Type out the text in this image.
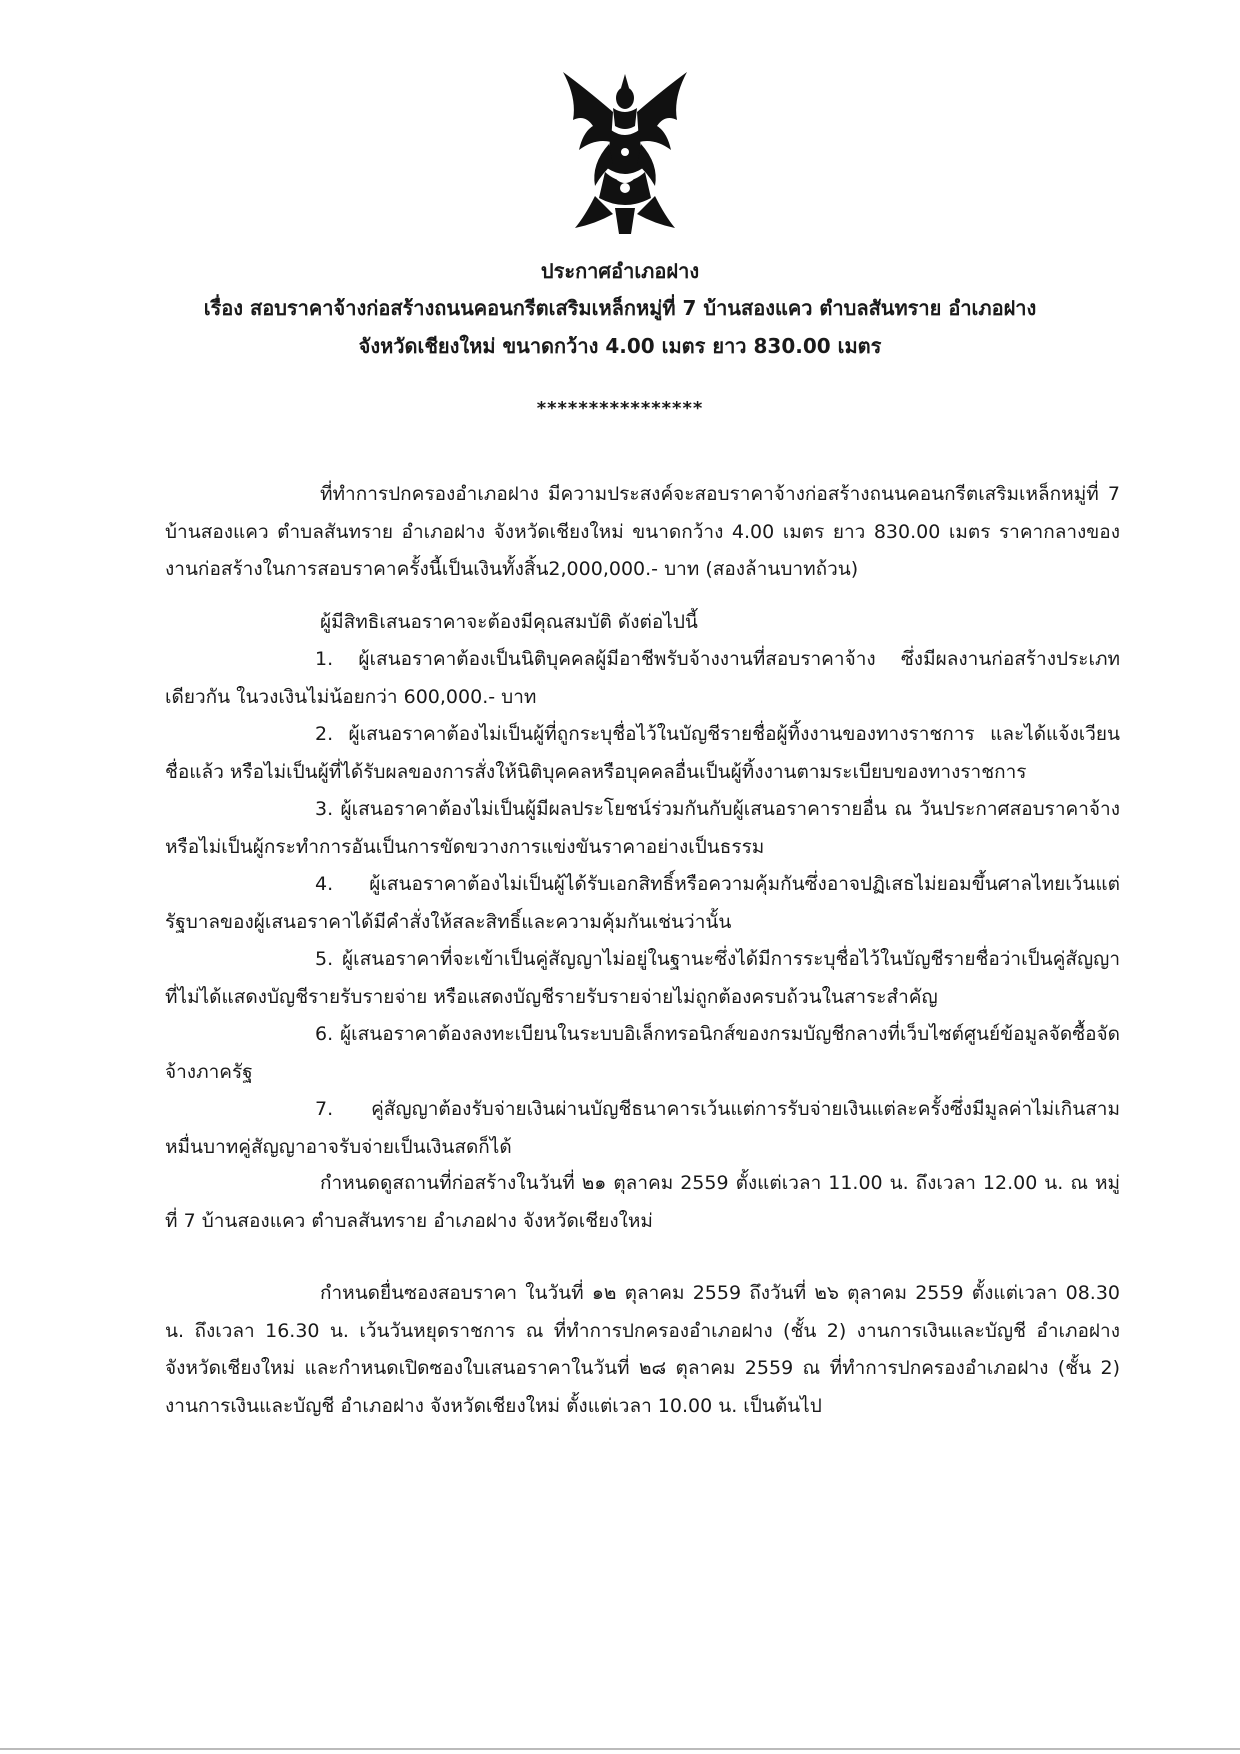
ประกาศอำเภอฝาง
เรื่อง สอบราคาจ้างก่อสร้างถนนคอนกรีตเสริมเหล็กหมู่ที่ 7 บ้านสองแคว ตำบลสันทราย อำเภอฝาง
จังหวัดเชียงใหม่ ขนาดกว้าง 4.00 เมตร ยาว 830.00 เมตร
****************
ที่ทำการปกครองอำเภอฝาง มีความประสงค์จะสอบราคาจ้างก่อสร้างถนนคอนกรีตเสริมเหล็กหมู่ที่ 7 บ้านสองแคว ตำบลสันทราย อำเภอฝาง จังหวัดเชียงใหม่ ขนาดกว้าง 4.00 เมตร ยาว 830.00 เมตร ราคากลางของงานก่อสร้างในการสอบราคาครั้งนี้เป็นเงินทั้งสิ้น2,000,000.- บาท (สองล้านบาทถ้วน)
ผู้มีสิทธิเสนอราคาจะต้องมีคุณสมบัติ ดังต่อไปนี้
1. ผู้เสนอราคาต้องเป็นนิติบุคคลผู้มีอาชีพรับจ้างงานที่สอบราคาจ้าง ซึ่งมีผลงานก่อสร้างประเภทเดียวกัน ในวงเงินไม่น้อยกว่า 600,000.- บาท
2. ผู้เสนอราคาต้องไม่เป็นผู้ที่ถูกระบุชื่อไว้ในบัญชีรายชื่อผู้ทิ้งงานของทางราชการ และได้แจ้งเวียนชื่อแล้ว หรือไม่เป็นผู้ที่ได้รับผลของการสั่งให้นิติบุคคลหรือบุคคลอื่นเป็นผู้ทิ้งงานตามระเบียบของทางราชการ
3. ผู้เสนอราคาต้องไม่เป็นผู้มีผลประโยชน์ร่วมกันกับผู้เสนอราคารายอื่น ณ วันประกาศสอบราคาจ้าง หรือไม่เป็นผู้กระทำการอันเป็นการขัดขวางการแข่งขันราคาอย่างเป็นธรรม
4. ผู้เสนอราคาต้องไม่เป็นผู้ได้รับเอกสิทธิ์หรือความคุ้มกันซึ่งอาจปฏิเสธไม่ยอมขึ้นศาลไทยเว้นแต่รัฐบาลของผู้เสนอราคาได้มีคำสั่งให้สละสิทธิ์และความคุ้มกันเช่นว่านั้น
5. ผู้เสนอราคาที่จะเข้าเป็นคู่สัญญาไม่อยู่ในฐานะซึ่งได้มีการระบุชื่อไว้ในบัญชีรายชื่อว่าเป็นคู่สัญญาที่ไม่ได้แสดงบัญชีรายรับรายจ่าย หรือแสดงบัญชีรายรับรายจ่ายไม่ถูกต้องครบถ้วนในสาระสำคัญ
6. ผู้เสนอราคาต้องลงทะเบียนในระบบอิเล็กทรอนิกส์ของกรมบัญชีกลางที่เว็บไซต์ศูนย์ข้อมูลจัดซื้อจัดจ้างภาครัฐ
7. คู่สัญญาต้องรับจ่ายเงินผ่านบัญชีธนาคารเว้นแต่การรับจ่ายเงินแต่ละครั้งซึ่งมีมูลค่าไม่เกินสามหมื่นบาทคู่สัญญาอาจรับจ่ายเป็นเงินสดก็ได้
กำหนดดูสถานที่ก่อสร้างในวันที่ ๒๑ ตุลาคม 2559 ตั้งแต่เวลา 11.00 น. ถึงเวลา 12.00 น. ณ หมู่ที่ 7 บ้านสองแคว ตำบลสันทราย อำเภอฝาง จังหวัดเชียงใหม่
กำหนดยื่นซองสอบราคา ในวันที่ ๑๒ ตุลาคม 2559 ถึงวันที่ ๒๖ ตุลาคม 2559 ตั้งแต่เวลา 08.30 น. ถึงเวลา 16.30 น. เว้นวันหยุดราชการ ณ ที่ทำการปกครองอำเภอฝาง (ชั้น 2) งานการเงินและบัญชี อำเภอฝาง จังหวัดเชียงใหม่ และกำหนดเปิดซองใบเสนอราคาในวันที่ ๒๘ ตุลาคม 2559 ณ ที่ทำการปกครองอำเภอฝาง (ชั้น 2) งานการเงินและบัญชี อำเภอฝาง จังหวัดเชียงใหม่ ตั้งแต่เวลา 10.00 น. เป็นต้นไป
